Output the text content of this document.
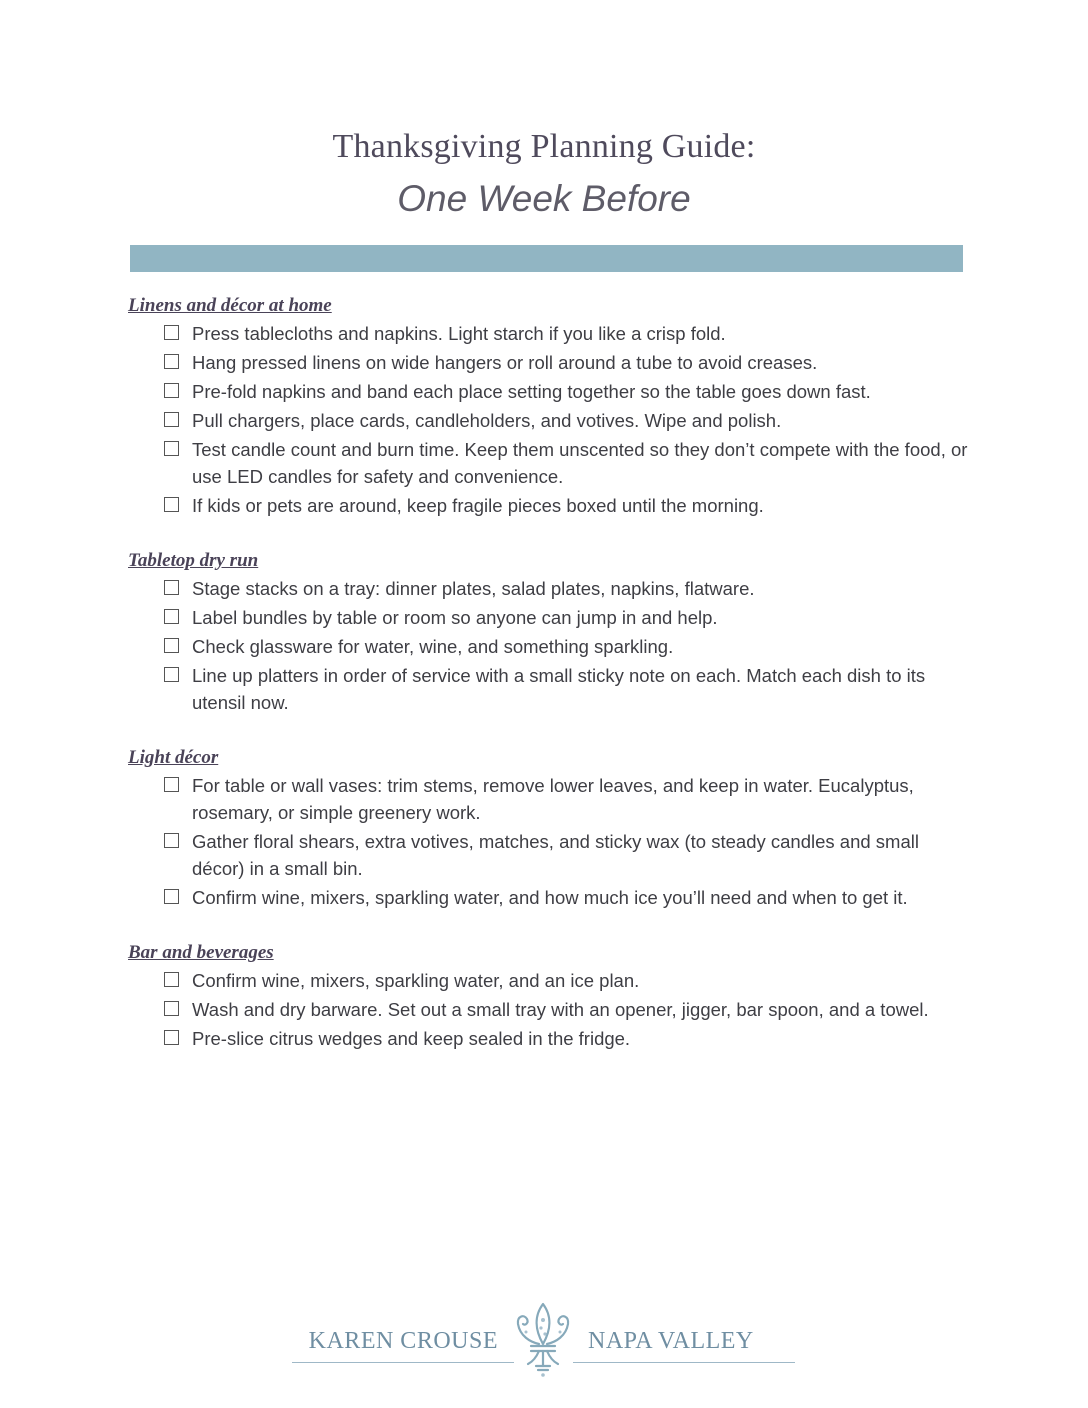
Thanksgiving Planning Guide:
One Week Before
Linens and décor at home
Press tablecloths and napkins. Light starch if you like a crisp fold.
Hang pressed linens on wide hangers or roll around a tube to avoid creases.
Pre-fold napkins and band each place setting together so the table goes down fast.
Pull chargers, place cards, candleholders, and votives. Wipe and polish.
Test candle count and burn time. Keep them unscented so they don’t compete with the food, or use LED candles for safety and convenience.
If kids or pets are around, keep fragile pieces boxed until the morning.
Tabletop dry run
Stage stacks on a tray: dinner plates, salad plates, napkins, flatware.
Label bundles by table or room so anyone can jump in and help.
Check glassware for water, wine, and something sparkling.
Line up platters in order of service with a small sticky note on each. Match each dish to its utensil now.
Light décor
For table or wall vases: trim stems, remove lower leaves, and keep in water. Eucalyptus, rosemary, or simple greenery work.
Gather floral shears, extra votives, matches, and sticky wax (to steady candles and small décor) in a small bin.
Confirm wine, mixers, sparkling water, and how much ice you’ll need and when to get it.
Bar and beverages
Confirm wine, mixers, sparkling water, and an ice plan.
Wash and dry barware. Set out a small tray with an opener, jigger, bar spoon, and a towel.
Pre-slice citrus wedges and keep sealed in the fridge.
KAREN CROUSE	NAPA VALLEY
